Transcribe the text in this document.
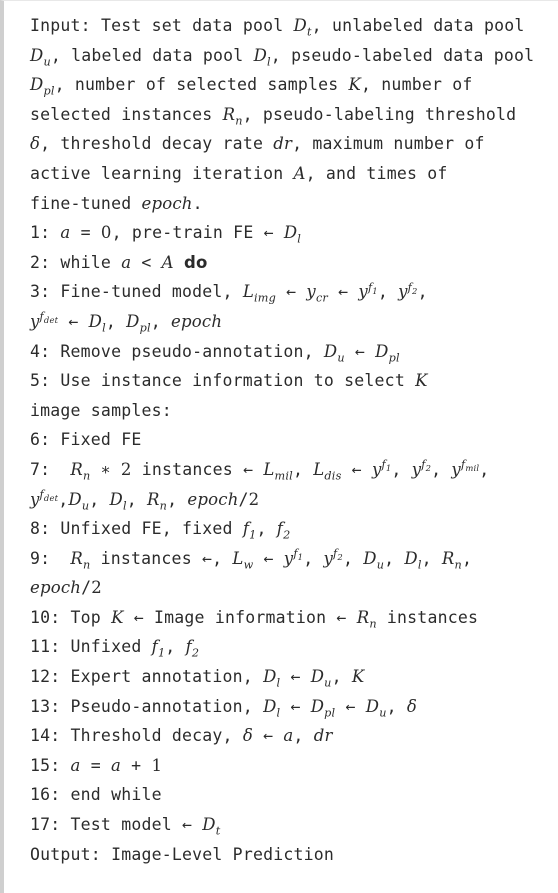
Input: Test set data pool $D_t$, unlabeled data pool
$D_u$, labeled data pool $D_l$, pseudo-labeled data pool
$D_{pl}$, number of selected samples K, number of
selected instances $R_n$, pseudo-labeling threshold
δ, threshold decay rate dr, maximum number of
active learning iteration A, and times of
fine-tuned epoch.
1: a = 0, pre-train FE ← $D_l$
2: while a < A do
3: Fine-tuned model, $L_{img}$ ← $y_{cr}$ ← $y^{f_1}$, $y^{f_2}$,
$y^{f_{det}}$ ← $D_l$, $D_{pl}$, epoch
4: Remove pseudo-annotation, $D_u$ ← $D_{pl}$
5: Use instance information to select K
image samples:
6: Fixed FE
7: $R_n$ ∗ 2 instances ← $L_{mil}$, $L_{dis}$ ← $y^{f_1}$, $y^{f_2}$, $y^{f_{mil}}$,
$y^{f_{det}},D_u$, $D_l$, $R_n$, epoch/2
8: Unfixed FE, fixed $f_1$, $f_2$
9: $R_n$ instances ←, $L_w$ ← $y^{f_1}$, $y^{f_2}$, $D_u$, $D_l$, $R_n$,
epoch/2
10: Top K ← Image information ← $R_n$ instances
11: Unfixed $f_1$, $f_2$
12: Expert annotation, $D_l$ ← $D_u$, K
13: Pseudo-annotation, $D_l$ ← $D_{pl}$ ← $D_u$, δ
14: Threshold decay, δ ← a, dr
15: a = a + 1
16: end while
17: Test model ← $D_t$
Output: Image-Level Prediction
